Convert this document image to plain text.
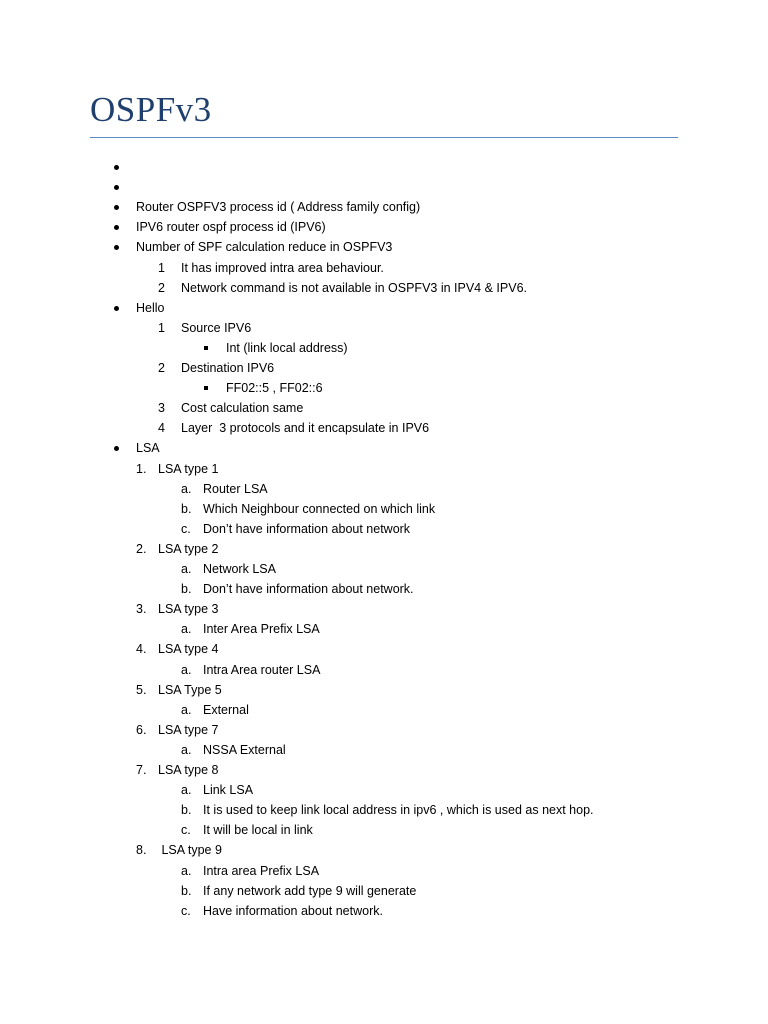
OSPFv3
Router OSPFV3 process id ( Address family config)
IPV6 router ospf process id (IPV6)
Number of SPF calculation reduce in OSPFV3
1 It has improved intra area behaviour.
2 Network command is not available in OSPFV3 in IPV4 & IPV6.
Hello
1 Source IPV6
Int (link local address)
2 Destination IPV6
FF02::5 , FF02::6
3 Cost calculation same
4 Layer  3 protocols and it encapsulate in IPV6
LSA
1. LSA type 1
a. Router LSA
b. Which Neighbour connected on which link
c. Don’t have information about network
2. LSA type 2
a. Network LSA
b. Don’t have information about network.
3. LSA type 3
a. Inter Area Prefix LSA
4. LSA type 4
a. Intra Area router LSA
5. LSA Type 5
a. External
6. LSA type 7
a. NSSA External
7. LSA type 8
a. Link LSA
b. It is used to keep link local address in ipv6 , which is used as next hop.
c. It will be local in link
8. LSA type 9
a. Intra area Prefix LSA
b. If any network add type 9 will generate
c. Have information about network.
